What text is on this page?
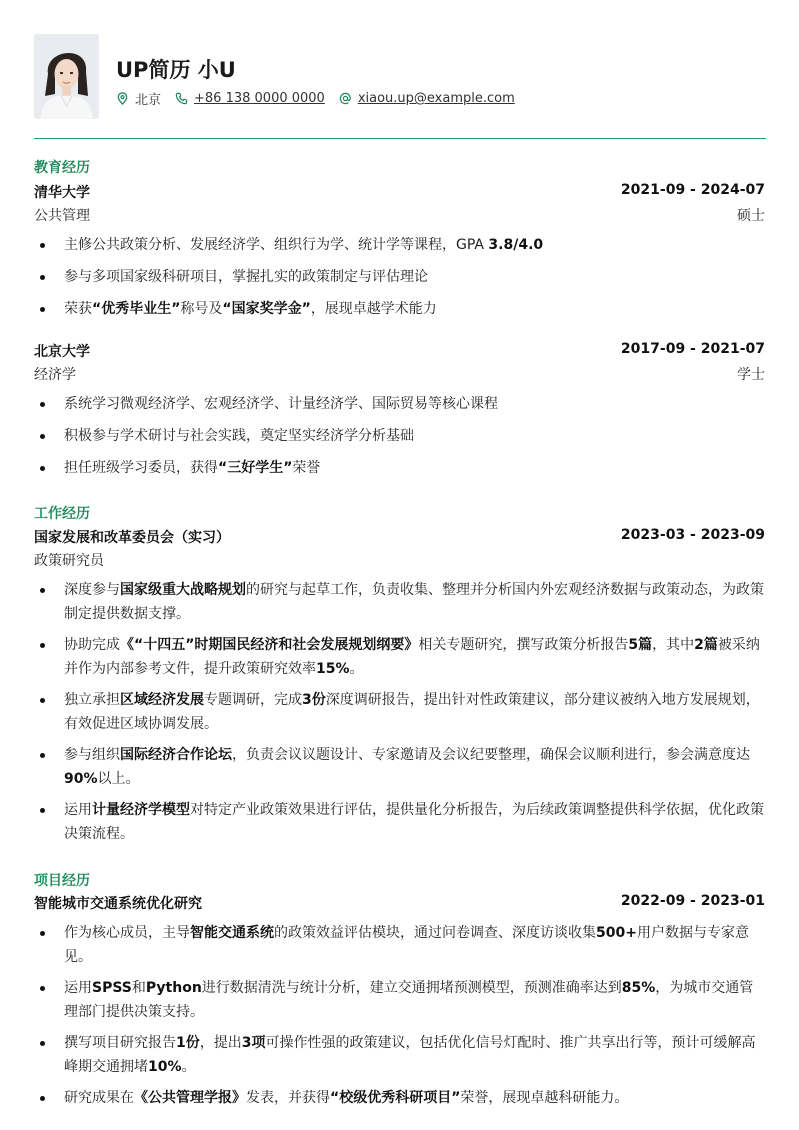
UP简历 小U
北京	+86 138 0000 0000	xiaou.up@example.com
教育经历
清华大学	2021-09 - 2024-07
公共管理	硕士
主修公共政策分析、发展经济学、组织行为学、统计学等课程，GPA 3.8/4.0
参与多项国家级科研项目，掌握扎实的政策制定与评估理论
荣获“优秀毕业生”称号及“国家奖学金”，展现卓越学术能力
北京大学	2017-09 - 2021-07
经济学	学士
系统学习微观经济学、宏观经济学、计量经济学、国际贸易等核心课程
积极参与学术研讨与社会实践，奠定坚实经济学分析基础
担任班级学习委员，获得“三好学生”荣誉
工作经历
国家发展和改革委员会（实习）	2023-03 - 2023-09
政策研究员
深度参与国家级重大战略规划的研究与起草工作，负责收集、整理并分析国内外宏观经济数据与政策动态，为政策制定提供数据支撑。
协助完成《“十四五”时期国民经济和社会发展规划纲要》相关专题研究，撰写政策分析报告5篇，其中2篇被采纳并作为内部参考文件，提升政策研究效率15%。
独立承担区域经济发展专题调研，完成3份深度调研报告，提出针对性政策建议，部分建议被纳入地方发展规划，有效促进区域协调发展。
参与组织国际经济合作论坛，负责会议议题设计、专家邀请及会议纪要整理，确保会议顺利进行，参会满意度达90%以上。
运用计量经济学模型对特定产业政策效果进行评估，提供量化分析报告，为后续政策调整提供科学依据，优化政策决策流程。
项目经历
智能城市交通系统优化研究	2022-09 - 2023-01
作为核心成员，主导智能交通系统的政策效益评估模块，通过问卷调查、深度访谈收集500+用户数据与专家意见。
运用SPSS和Python进行数据清洗与统计分析，建立交通拥堵预测模型，预测准确率达到85%，为城市交通管理部门提供决策支持。
撰写项目研究报告1份，提出3项可操作性强的政策建议，包括优化信号灯配时、推广共享出行等，预计可缓解高峰期交通拥堵10%。
研究成果在《公共管理学报》发表，并获得“校级优秀科研项目”荣誉，展现卓越科研能力。
